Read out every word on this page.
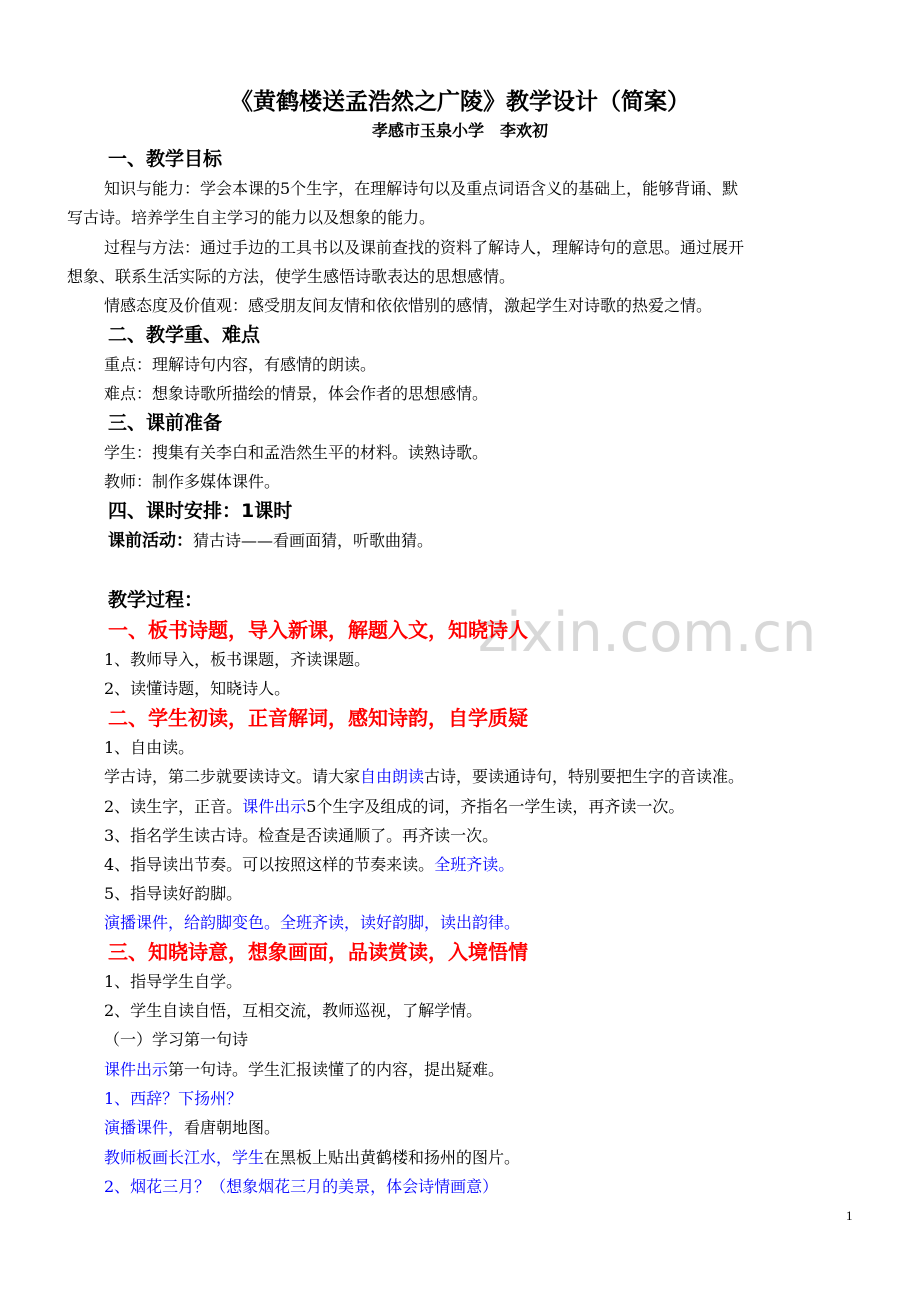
zixin.com.cn
《黄鹤楼送孟浩然之广陵》教学设计（简案）
孝感市玉泉小学　李欢初
一、教学目标
知识与能力：学会本课的5个生字，在理解诗句以及重点词语含义的基础上，能够背诵、默
写古诗。培养学生自主学习的能力以及想象的能力。
过程与方法：通过手边的工具书以及课前查找的资料了解诗人，理解诗句的意思。通过展开
想象、联系生活实际的方法，使学生感悟诗歌表达的思想感情。
情感态度及价值观：感受朋友间友情和依依惜别的感情，激起学生对诗歌的热爱之情。
二、教学重、难点
重点：理解诗句内容，有感情的朗读。
难点：想象诗歌所描绘的情景，体会作者的思想感情。
三、课前准备
学生：搜集有关李白和孟浩然生平的材料。读熟诗歌。
教师：制作多媒体课件。
四、课时安排：1课时
课前活动：猜古诗——看画面猜，听歌曲猜。
教学过程：
一、板书诗题，导入新课，解题入文，知晓诗人
1、教师导入，板书课题，齐读课题。
2、读懂诗题，知晓诗人。
二、学生初读，正音解词，感知诗韵，自学质疑
1、自由读。
学古诗，第二步就要读诗文。请大家自由朗读古诗，要读通诗句，特别要把生字的音读准。
2、读生字，正音。课件出示5个生字及组成的词，齐指名一学生读，再齐读一次。
3、指名学生读古诗。检查是否读通顺了。再齐读一次。
4、指导读出节奏。可以按照这样的节奏来读。全班齐读。
5、指导读好韵脚。
演播课件，给韵脚变色。全班齐读，读好韵脚，读出韵律。
三、知晓诗意，想象画面，品读赏读，入境悟情
1、指导学生自学。
2、学生自读自悟，互相交流，教师巡视，了解学情。
（一）学习第一句诗
课件出示第一句诗。学生汇报读懂了的内容，提出疑难。
1、西辞？下扬州？
演播课件，看唐朝地图。
教师板画长江水，学生在黑板上贴出黄鹤楼和扬州的图片。
2、烟花三月？（想象烟花三月的美景，体会诗情画意）
1
